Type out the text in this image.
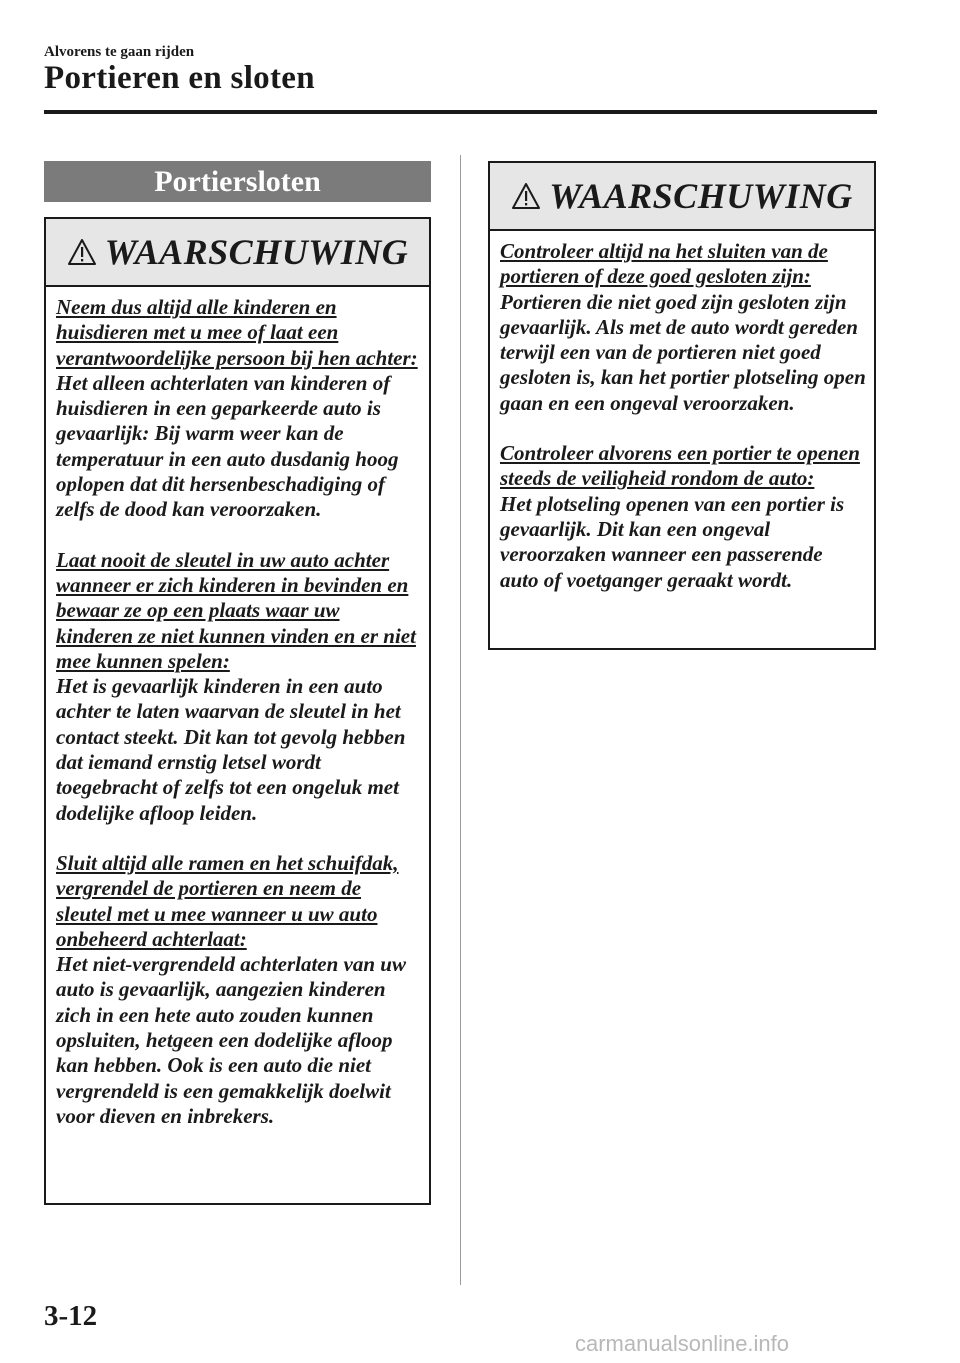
Alvorens te gaan rijden
Portieren en sloten
Portiersloten
WAARSCHUWING

Neem dus altijd alle kinderen en huisdieren met u mee of laat een verantwoordelijke persoon bij hen achter:

Het alleen achterlaten van kinderen of huisdieren in een geparkeerde auto is gevaarlijk: Bij warm weer kan de temperatuur in een auto dusdanig hoog oplopen dat dit hersenbeschadiging of zelfs de dood kan veroorzaken.

Laat nooit de sleutel in uw auto achter wanneer er zich kinderen in bevinden en bewaar ze op een plaats waar uw kinderen ze niet kunnen vinden en er niet mee kunnen spelen:

Het is gevaarlijk kinderen in een auto achter te laten waarvan de sleutel in het contact steekt. Dit kan tot gevolg hebben dat iemand ernstig letsel wordt toegebracht of zelfs tot een ongeluk met dodelijke afloop leiden.

Sluit altijd alle ramen en het schuifdak, vergrendel de portieren en neem de sleutel met u mee wanneer u uw auto onbeheerd achterlaat:

Het niet-vergrendeld achterlaten van uw auto is gevaarlijk, aangezien kinderen zich in een hete auto zouden kunnen opsluiten, hetgeen een dodelijke afloop kan hebben. Ook is een auto die niet vergrendeld is een gemakkelijk doelwit voor dieven en inbrekers.

WAARSCHUWING

Controleer altijd na het sluiten van de portieren of deze goed gesloten zijn:

Portieren die niet goed zijn gesloten zijn gevaarlijk. Als met de auto wordt gereden terwijl een van de portieren niet goed gesloten is, kan het portier plotseling open gaan en een ongeval veroorzaken.

Controleer alvorens een portier te openen steeds de veiligheid rondom de auto:

Het plotseling openen van een portier is gevaarlijk. Dit kan een ongeval veroorzaken wanneer een passerende auto of voetganger geraakt wordt.

3-12
carmanualsonline.info
